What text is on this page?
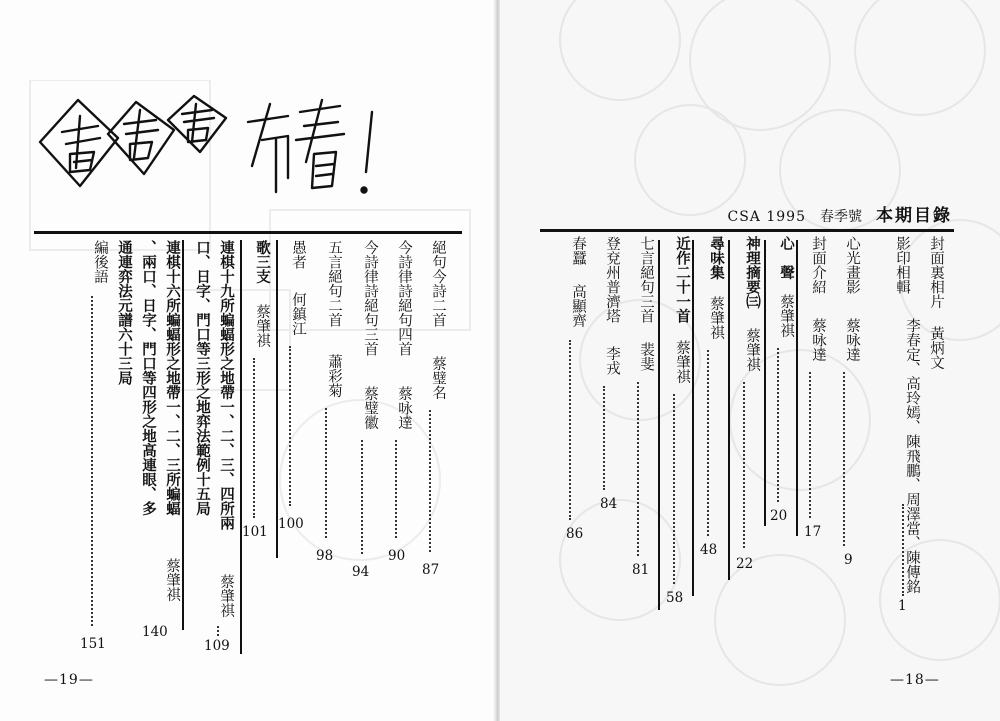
絕句今詩二首
蔡璧名
87
今詩律詩絕句四首
蔡咏達
90
今詩律詩絕句三首
蔡璧徽
94
五言絕句二首
蕭彩菊
98
愚者
何鎮江
100
歌三支
蔡肇祺
101
連棋十九所蝙蝠形之地帶一、二、三、四所兩
蔡肇祺
109
口、日字、門口等三形之地弈法範例十五局
連棋十六所蝙蝠形之地帶一、二、三所蝙蝠
蔡肇祺
140
、兩口、日字、門口等四形之地高連眼、多
通連弈法元譜六十三局
編後語
151
—19—
CSA 1995 春季號 本期目錄
封面裏相片
黃炳文
影印相輯
李春定、高玲嫣、陳飛鵬、周澤當、陳傳銘
1
心光畫影
蔡咏達
9
封面介紹
蔡咏達
17
心　聲
蔡肇祺
20
神理摘要㈢
蔡肇祺
22
尋味集
蔡肇祺
48
近作二十一首
蔡肇祺
58
七言絕句三首
裴斐
81
登兗州普濟塔
李戎
84
春蠶
高顯齊
86
—18—
